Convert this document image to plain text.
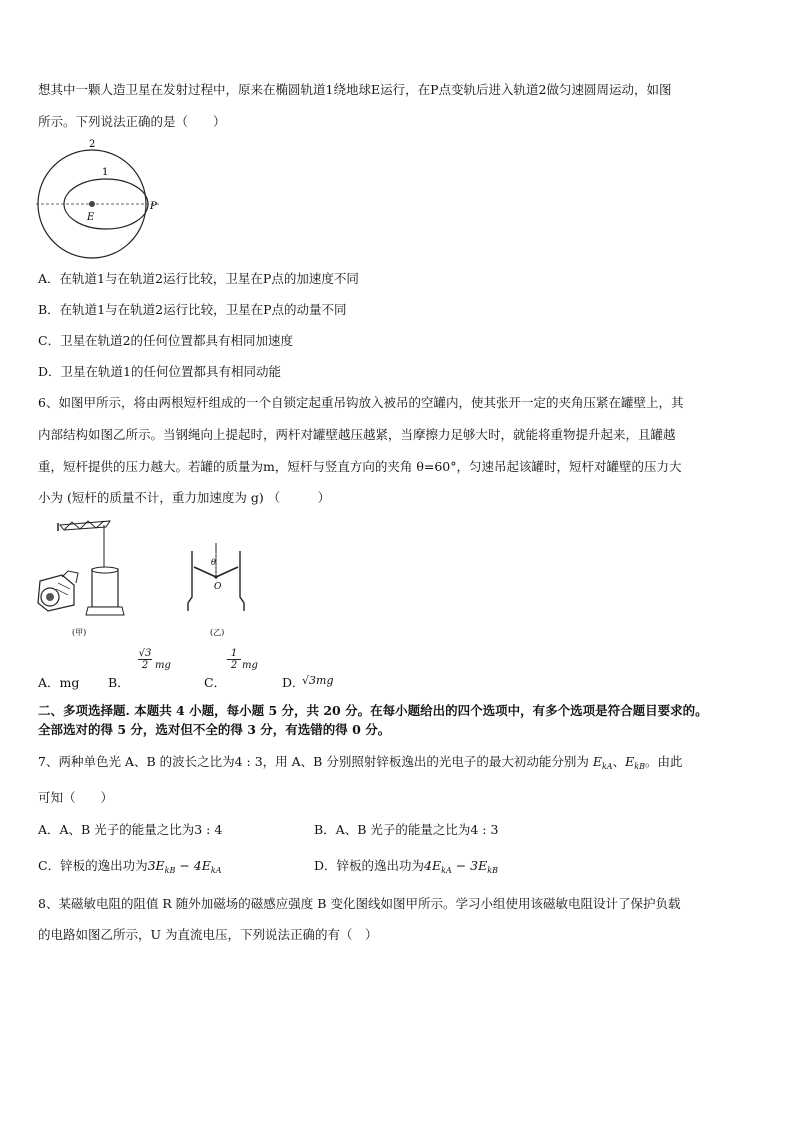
想其中一颗人造卫星在发射过程中，原来在椭圆轨道1绕地球E运行，在P点变轨后进入轨道2做匀速圆周运动，如图
所示。下列说法正确的是（　　）
2
1
E
P
A．在轨道1与在轨道2运行比较，卫星在P点的加速度不同
B．在轨道1与在轨道2运行比较，卫星在P点的动量不同
C．卫星在轨道2的任何位置都具有相同加速度
D．卫星在轨道1的任何位置都具有相同动能
6、如图甲所示，将由两根短杆组成的一个自锁定起重吊钩放入被吊的空罐内，使其张开一定的夹角压紧在罐壁上，其
内部结构如图乙所示。当钢绳向上提起时，两杆对罐壁越压越紧，当摩擦力足够大时，就能将重物提升起来，且罐越
重，短杆提供的压力越大。若罐的质量为m，短杆与竖直方向的夹角 θ=60°，匀速吊起该罐时，短杆对罐壁的压力大
小为 (短杆的质量不计，重力加速度为 g) （　　　）
(甲)
θ
O
(乙)
A．mg B．
√3
2 mg
C．
1
2 mg
D．
√3mg
二、多项选择题. 本题共 4 小题，每小题 5 分，共 20 分。在每小题给出的四个选项中，有多个选项是符合题目要求的。
全部选对的得 5 分，选对但不全的得 3 分，有选错的得 0 分。
7、两种单色光 A、B 的波长之比为4 : 3，用 A、B 分别照射锌板逸出的光电子的最大初动能分别为 $E_{kA}$、$E_{kB}$。由此
可知（　　）
A．A、B 光子的能量之比为3 : 4	B．A、B 光子的能量之比为4 : 3
C．锌板的逸出功为$3E_{kB} - 4E_{kA}$	D．锌板的逸出功为$4E_{kA} - 3E_{kB}$
8、某磁敏电阻的阻值 R 随外加磁场的磁感应强度 B 变化图线如图甲所示。学习小组使用该磁敏电阻设计了保护负载
的电路如图乙所示，U 为直流电压，下列说法正确的有（　）
